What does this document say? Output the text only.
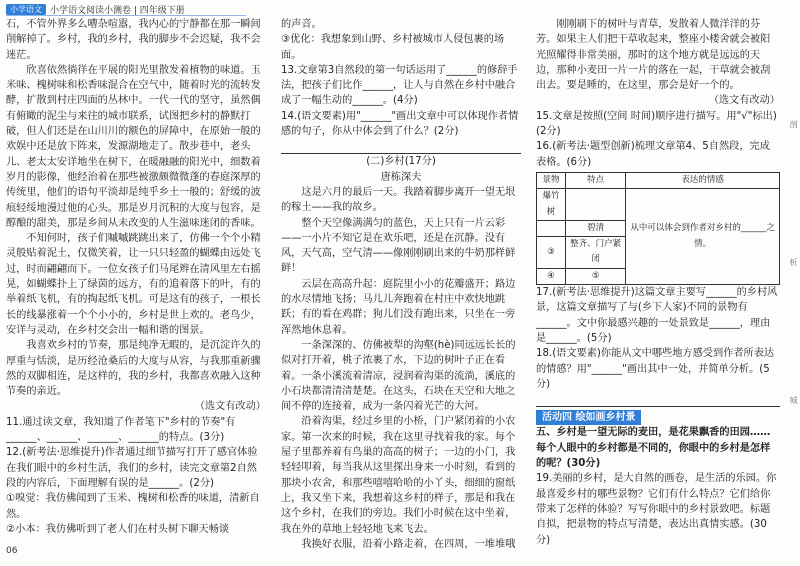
小学语文 小学语文阅读小测卷 | 四年级下册

石，不管外界多么嘈杂喧嚣，我内心的宁静都在那一瞬间削解掉了。乡村，我的乡村，我的脚步不会迟疑，我不会迷茫。

欣喜依然徜徉在平展的阳光里散发着植物的味道。玉米味、槐树味和松香味混合在空气中，随着时光的流转发酵，扩散到村庄四面的丛林中。一代一代的坚守，虽然偶有俯瞰的泥尘与来往的城市联系，试图把乡村的静默打破，但人们还是在山川川的额色的屏障中，在原始一般的欢娱中还是放下阵来，发源湖地走了。散步巷中，老头儿、老太太安详地坐在树下，在暖融融的阳光中，细数着岁月的影像，他经治着在那些被激颇微微蓬的春庭深厚的传统里，他们的语句平淡却是纯乎乡土一般的；舒缓的波痕轻绥地漫过他的心头。那是岁月沉积的大度与包容，是醇酿的甜美，那是乡间从未改变的人生滋味迷闭的香味。

不知何时，孩子们嘁嘁跳跳出来了，仿佛一个个小精灵般贴着泥土，仅微笑着，让一只只轻盈的蝴蝶由远处飞过，时而翩翩而下。一位女孩子们马尾辫在清风里左右摇晃，如蝴蝶扑上了绿茵的远方，有的追着落下的叶，有的举着纸飞机，有的掏起纸飞机。可是这有的孩子，一根长长的线暴涨着一个个小小的，乡村是世上欢的。老鸟少，安详与灵动，在乡村交会出一幅和谐的图景。

我喜欢乡村的节奏，那是纯净无暇的，是沉淀许久的厚重与恬淡，是历经沧桑后的大度与从容，与我那重新骤然的双脚相连，是这样的，我的乡村，我都喜欢融入这种节奏的亲近。

（选文有改动）

11.通过读文章，我知道了作者笔下"乡村的节奏"有______、______、______、______的特点。(3分)

12.(新考法·思维提升)作者通过细节描写打开了感官体验在我们眼中的乡村生活，我们的乡村，读完文章第2自然段的内容后，下面理解有误的是______。(2分)

①嗅觉：我仿佛闻到了玉米、槐树和松香的味道，清新自然。

②小本：我仿佛听到了老人们在村头树下聊天畅谈

的声音。

③优化：我想象到山野、乡村被城市人侵包裹的场面。

13.文章第3自然段的第一句话运用了______的修辞手法，把孩子们比作______，让人与自然在乡村中融合成了一幅生动的______。(4分)

14.(语文要素)用"______"画出文章中可以体现作者情感的句子，你从中体会到了什么？(2分)

(二)乡村(17分)

唐栋深夫

这是六月的最后一天。我踏着脚步离开一望无垠的稼土——我的故乡。

整个天空像满满匀的蓝色，天上只有一片云彩——一小片不知它是在欢乐吧，还是在沉静。没有风，天气高，空气清——像刚刚刷出来的牛奶那样鲜鲜！

云层在高高升起：庭院里小小的花瓣盛开；路边的水尽情地飞扬；马儿儿奔跑着在村庄中欢快地跳跃；有的看在鸡群；狗儿们没有跑出来，只坐在一旁浑然地休息着。

一条深深的、仿佛被犁的沟壑(hè)同远远长长的似对打开着，桃子浓裹了水，下边的树叶子正在看着。一条小溪流着清凉，浸润着沟渠的流淌，溪底的小石块都清清清楚楚。在这头，石块在天空和大地之间不停的连接着，成为一条闪着光芒的大河。

沿着沟渠，经过乡里的小桥，门户紧闭着的小农家。第一次来的时候，我在这里寻找着我的家。每个屋子里都养着有鸟巢的高高的树子；一边的小门，我轻轻叩着，每当我从这里探出身来一小时刻，看到的那块小农舍，和那些嘻嘻哈哈的小丫头，细细的窗纸上，我又坐下来，我想着这乡村的样子，那是和我在这个乡村，在我们的旁边。我们小时候在这中坐着，我在外的草地上轻轻地飞来飞去。

我换好衣服，沿着小路走着，在四周，一堆堆哦

刚刚刷下的树叶与青草，发散着人微洋洋的芬芳。如果主人们把干草收起来，整座小楼舍就会被阳光照耀得非常美丽，那时的这个地方就是远远的天边，那种小麦田一片一片的落在一起，干草就会被刮出去。要是睡的，在这里，那会是好一个的。

（选文有改动）

15.文章是按照(空间 时间)顺序进行描写。用"√"标出)(2分)

16.(新考法·题型创新)梳理文章第4、5自然段，完成表格。(6分)

景物	特点	表达的情感
爆竹树		从中可以体会到作者对乡村的______之情。
	碧清	
③	整齐、门户紧闭	
④	⑤	

17.(新考法·思维提升)这篇文章主要写______的乡村风景，这篇文章描写了与(乡下人家)不同的景物有______。文中你最感兴趣的一处景致是______，理由是______。(5分)

18.(语文要素)你能从文中哪些地方感受到作者所表达的情感？用"______"画出其中一处，并简单分析。(5分)

活动四 绘如画乡村景

五、乡村是一望无际的麦田，是花果飘香的田园……每个人眼中的乡村都是不同的，你眼中的乡村是怎样的呢？(30分)

19.美丽的乡村，是大自然的画卷，是生活的乐园。你最喜爱乡村的哪些景物？它们有什么特点？它们给你带来了怎样的体验？写写你眼中的乡村景致吧。标题自拟，把景物的特点写清楚，表达出真情实感。(30分)

剖
析
城
06
